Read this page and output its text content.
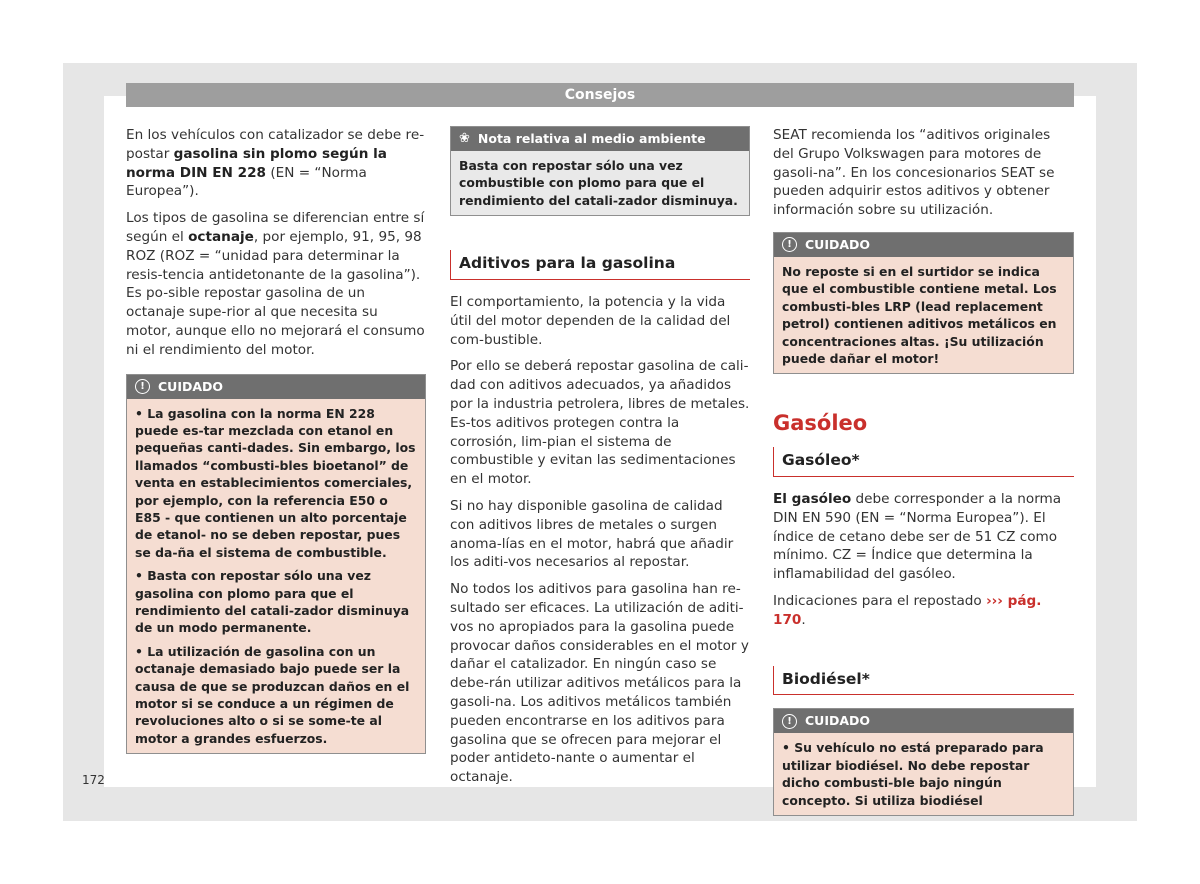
Consejos

En los vehículos con catalizador se debe re-postar gasolina sin plomo según la norma DIN EN 228 (EN = “Norma Europea”).

Los tipos de gasolina se diferencian entre sí según el octanaje, por ejemplo, 91, 95, 98 ROZ (ROZ = “unidad para determinar la resis-tencia antidetonante de la gasolina”). Es po-sible repostar gasolina de un octanaje supe-rior al que necesita su motor, aunque ello no mejorará el consumo ni el rendimiento del motor.

!	CUIDADO

• La gasolina con la norma EN 228 puede es-tar mezclada con etanol en pequeñas canti-dades. Sin embargo, los llamados “combusti-bles bioetanol” de venta en establecimientos comerciales, por ejemplo, con la referencia E50 o E85 - que contienen un alto porcentaje de etanol- no se deben repostar, pues se da-ña el sistema de combustible.

• Basta con repostar sólo una vez gasolina con plomo para que el rendimiento del catali-zador disminuya de un modo permanente.

• La utilización de gasolina con un octanaje demasiado bajo puede ser la causa de que se produzcan daños en el motor si se conduce a un régimen de revoluciones alto o si se some-te al motor a grandes esfuerzos.

❀ Nota relativa al medio ambiente

Basta con repostar sólo una vez combustible con plomo para que el rendimiento del catali-zador disminuya.

Aditivos para la gasolina

El comportamiento, la potencia y la vida útil del motor dependen de la calidad del com-bustible.

Por ello se deberá repostar gasolina de cali-dad con aditivos adecuados, ya añadidos por la industria petrolera, libres de metales. Es-tos aditivos protegen contra la corrosión, lim-pian el sistema de combustible y evitan las sedimentaciones en el motor.

Si no hay disponible gasolina de calidad con aditivos libres de metales o surgen anoma-lías en el motor, habrá que añadir los aditi-vos necesarios al repostar.

No todos los aditivos para gasolina han re-sultado ser eficaces. La utilización de aditi-vos no apropiados para la gasolina puede provocar daños considerables en el motor y dañar el catalizador. En ningún caso se debe-rán utilizar aditivos metálicos para la gasoli-na. Los aditivos metálicos también pueden encontrarse en los aditivos para gasolina que se ofrecen para mejorar el poder antideto-nante o aumentar el octanaje.

SEAT recomienda los “aditivos originales del Grupo Volkswagen para motores de gasoli-na”. En los concesionarios SEAT se pueden adquirir estos aditivos y obtener información sobre su utilización.

!	CUIDADO

No reposte si en el surtidor se indica que el combustible contiene metal. Los combusti-bles LRP (lead replacement petrol) contienen aditivos metálicos en concentraciones altas. ¡Su utilización puede dañar el motor!

Gasóleo
Gasóleo*

El gasóleo debe corresponder a la norma DIN EN 590 (EN = “Norma Europea”). El índice de cetano debe ser de 51 CZ como mínimo. CZ = Índice que determina la inflamabilidad del gasóleo.

Indicaciones para el repostado ››› pág. 170.

Biodiésel*
!	CUIDADO

• Su vehículo no está preparado para utilizar biodiésel. No debe repostar dicho combusti-ble bajo ningún concepto. Si utiliza biodiésel

172
